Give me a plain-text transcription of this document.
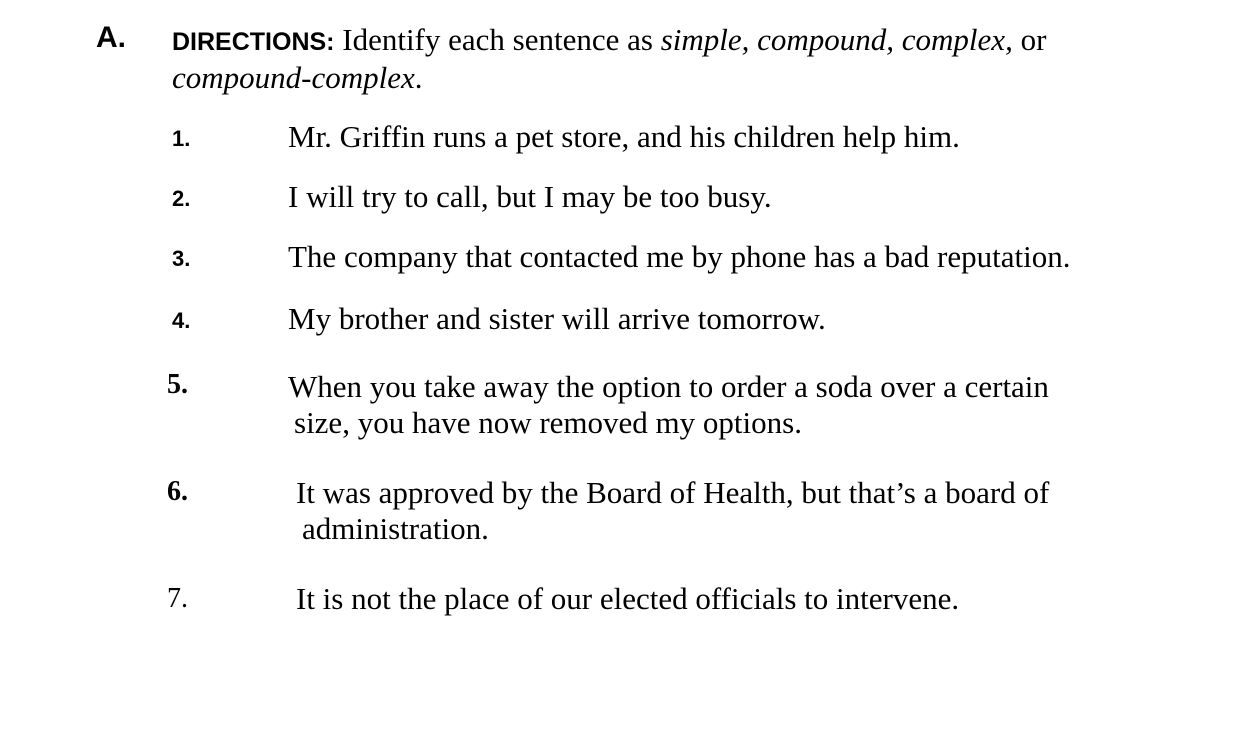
A. DIRECTIONS: Identify each sentence as simple, compound, complex, or
compound-complex.
1.	Mr. Griffin runs a pet store, and his children help him.
2.	I will try to call, but I may be too busy.
3.	The company that contacted me by phone has a bad reputation.
4.	My brother and sister will arrive tomorrow.
5.	When you take away the option to order a soda over a certain
size, you have now removed my options.
6.	It was approved by the Board of Health, but that’s a board of
administration.
7.	It is not the place of our elected officials to intervene.
